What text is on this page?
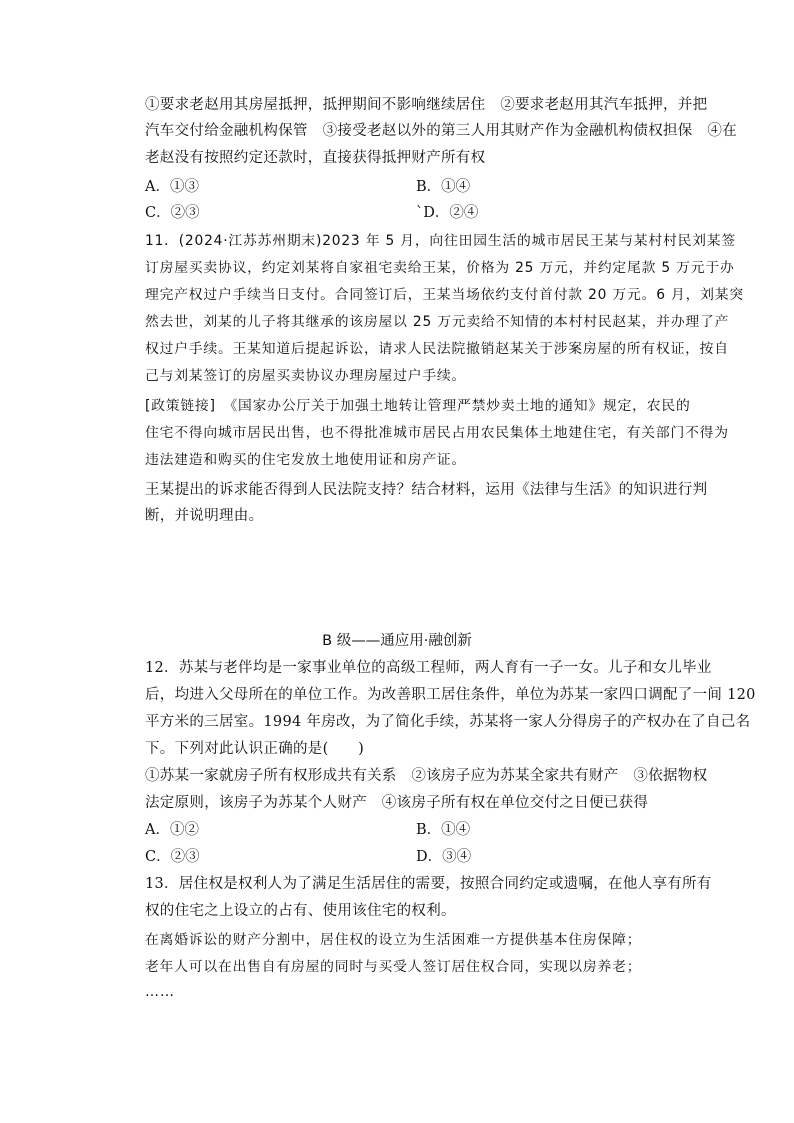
①要求老赵用其房屋抵押，抵押期间不影响继续居住　②要求老赵用其汽车抵押，并把
汽车交付给金融机构保管　③接受老赵以外的第三人用其财产作为金融机构债权担保　④在
老赵没有按照约定还款时，直接获得抵押财产所有权
A．①③	B．①④
C．②③	`D．②④
11．(2024·江苏苏州期末)2023 年 5 月，向往田园生活的城市居民王某与某村村民刘某签
订房屋买卖协议，约定刘某将自家祖宅卖给王某，价格为 25 万元，并约定尾款 5 万元于办
理完产权过户手续当日支付。合同签订后，王某当场依约支付首付款 20 万元。6 月，刘某突
然去世，刘某的儿子将其继承的该房屋以 25 万元卖给不知情的本村村民赵某，并办理了产
权过户手续。王某知道后提起诉讼，请求人民法院撤销赵某关于涉案房屋的所有权证，按自
己与刘某签订的房屋买卖协议办理房屋过户手续。
[政策链接]　《国家办公厅关于加强土地转让管理严禁炒卖土地的通知》规定，农民的
住宅不得向城市居民出售，也不得批准城市居民占用农民集体土地建住宅，有关部门不得为
违法建造和购买的住宅发放土地使用证和房产证。
王某提出的诉求能否得到人民法院支持？结合材料，运用《法律与生活》的知识进行判
断，并说明理由。
B 级——通应用·融创新
12．苏某与老伴均是一家事业单位的高级工程师，两人育有一子一女。儿子和女儿毕业
后，均进入父母所在的单位工作。为改善职工居住条件，单位为苏某一家四口调配了一间 120
平方米的三居室。1994 年房改，为了简化手续，苏某将一家人分得房子的产权办在了自己名
下。下列对此认识正确的是(　　)
①苏某一家就房子所有权形成共有关系　②该房子应为苏某全家共有财产　③依据物权
法定原则，该房子为苏某个人财产　④该房子所有权在单位交付之日便已获得
A．①②	B．①④
C．②③	D．③④
13．居住权是权利人为了满足生活居住的需要，按照合同约定或遗嘱，在他人享有所有
权的住宅之上设立的占有、使用该住宅的权利。
在离婚诉讼的财产分割中，居住权的设立为生活困难一方提供基本住房保障；
老年人可以在出售自有房屋的同时与买受人签订居住权合同，实现以房养老；
……
